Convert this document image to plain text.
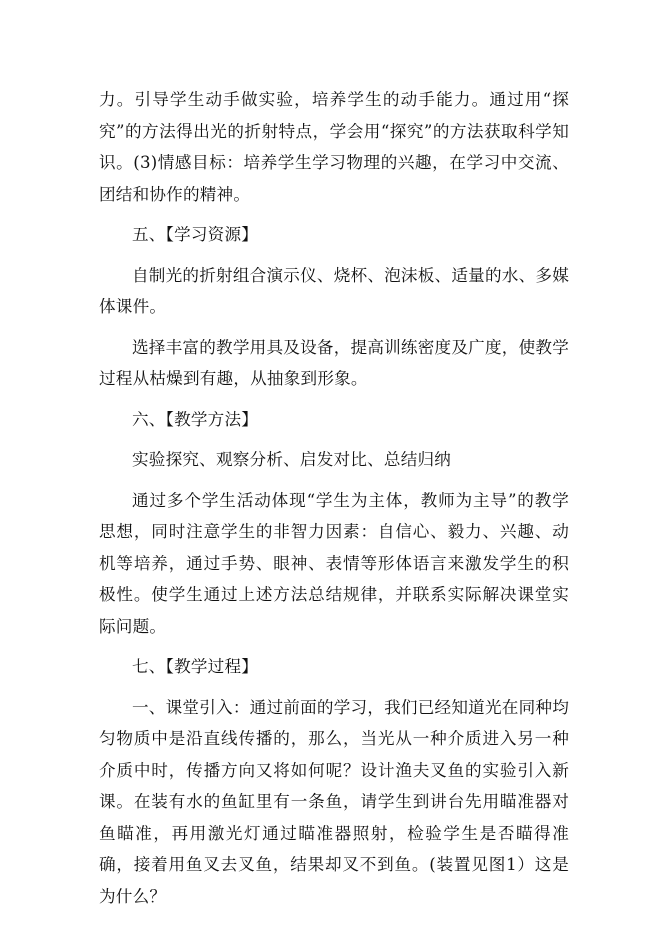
力。引导学生动手做实验，培养学生的动手能力。通过用“探究”的方法得出光的折射特点，学会用“探究”的方法获取科学知识。(3)情感目标：培养学生学习物理的兴趣，在学习中交流、团结和协作的精神。

五、【学习资源】

自制光的折射组合演示仪、烧杯、泡沫板、适量的水、多媒体课件。

选择丰富的教学用具及设备，提高训练密度及广度，使教学过程从枯燥到有趣，从抽象到形象。

六、【教学方法】

实验探究、观察分析、启发对比、总结归纳

通过多个学生活动体现“学生为主体，教师为主导”的教学思想，同时注意学生的非智力因素：自信心、毅力、兴趣、动机等培养，通过手势、眼神、表情等形体语言来激发学生的积极性。使学生通过上述方法总结规律，并联系实际解决课堂实际问题。

七、【教学过程】

一、课堂引入：通过前面的学习，我们已经知道光在同种均匀物质中是沿直线传播的，那么，当光从一种介质进入另一种介质中时，传播方向又将如何呢？设计渔夫叉鱼的实验引入新课。在装有水的鱼缸里有一条鱼，请学生到讲台先用瞄准器对鱼瞄准，再用激光灯通过瞄准器照射，检验学生是否瞄得准确，接着用鱼叉去叉鱼，结果却叉不到鱼。(装置见图1）这是为什么？
